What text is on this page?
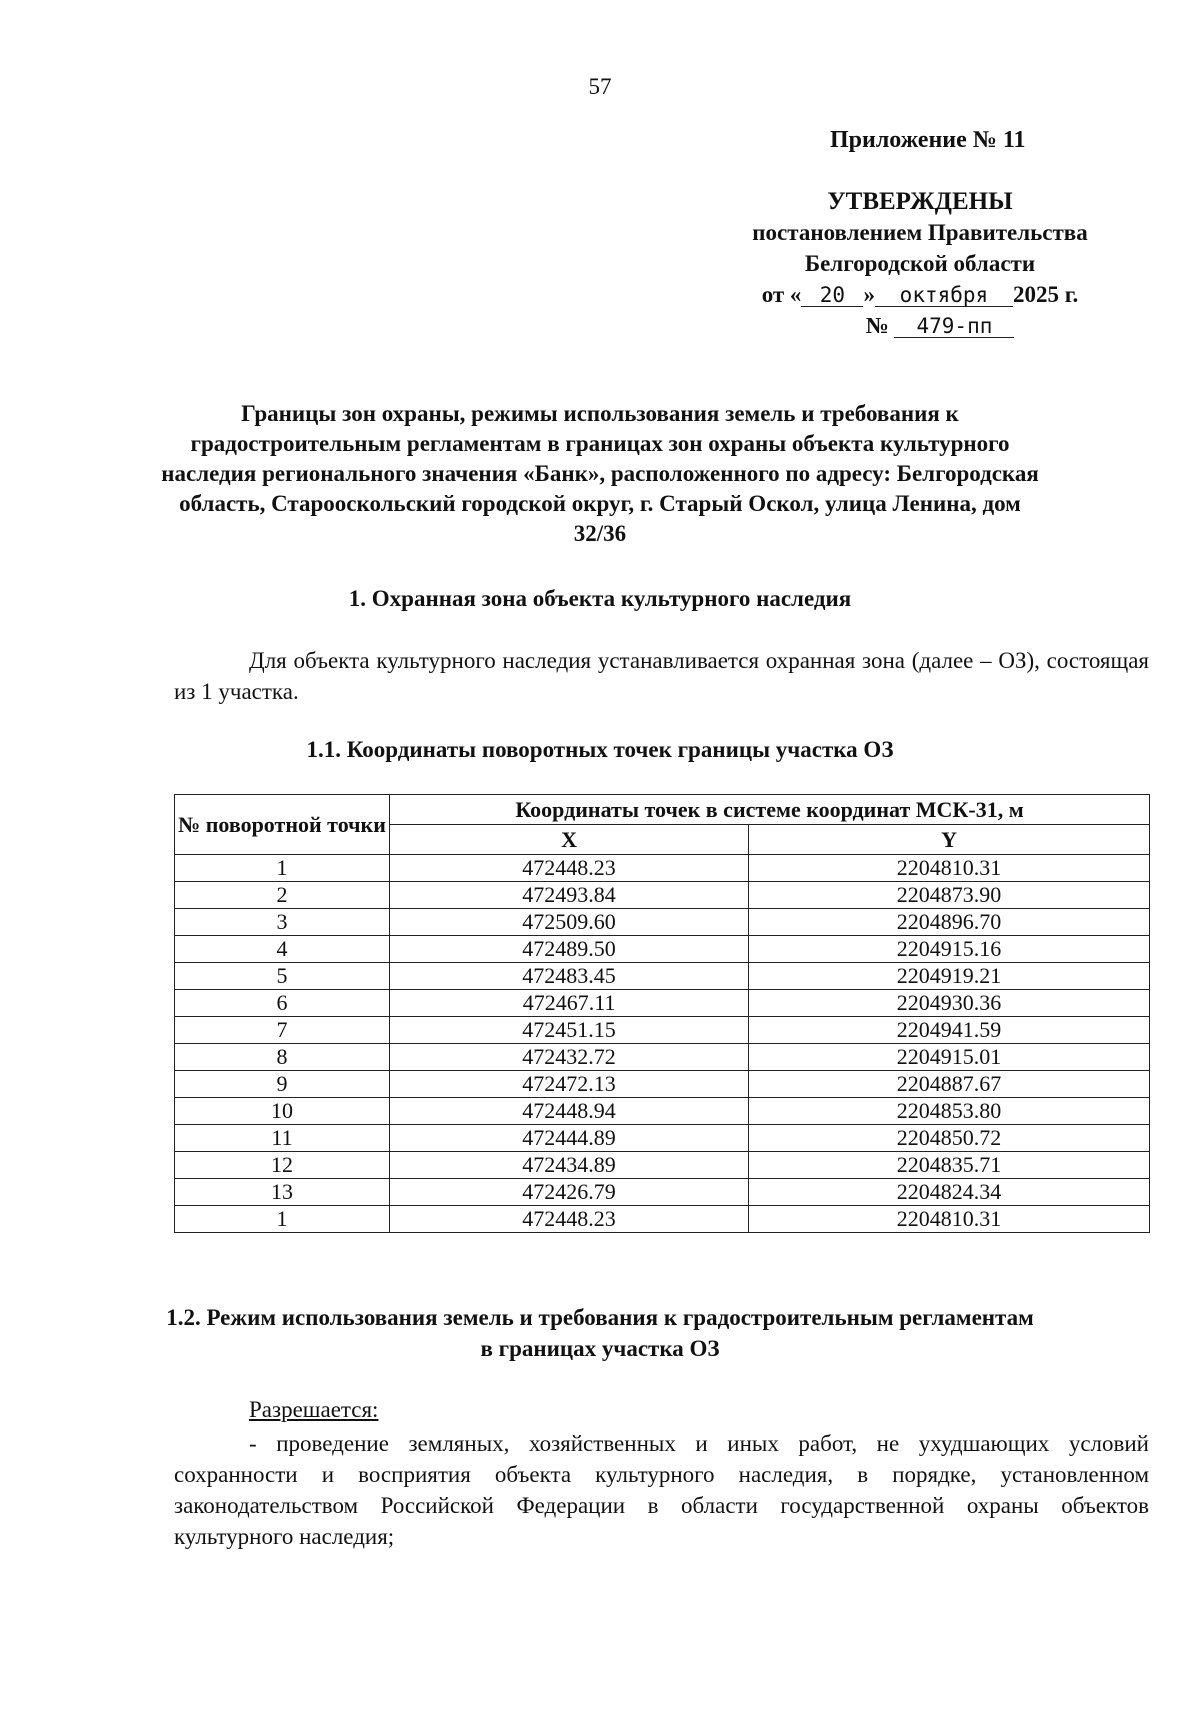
57
Приложение № 11
УТВЕРЖДЕНЫ
постановлением Правительства
Белгородской области
от « 20 » октября 2025 г.
№ 479-пп
Границы зон охраны, режимы использования земель и требования к градостроительным регламентам в границах зон охраны объекта культурного наследия регионального значения «Банк», расположенного по адресу: Белгородская область, Старооскольский городской округ, г. Старый Оскол, улица Ленина, дом 32/36
1. Охранная зона объекта культурного наследия
Для объекта культурного наследия устанавливается охранная зона (далее – ОЗ), состоящая из 1 участка.
1.1. Координаты поворотных точек границы участка ОЗ
№ поворотной точки	Координаты точек в системе координат МСК-31, м	
	X	Y
1	472448.23	2204810.31
2	472493.84	2204873.90
3	472509.60	2204896.70
4	472489.50	2204915.16
5	472483.45	2204919.21
6	472467.11	2204930.36
7	472451.15	2204941.59
8	472432.72	2204915.01
9	472472.13	2204887.67
10	472448.94	2204853.80
11	472444.89	2204850.72
12	472434.89	2204835.71
13	472426.79	2204824.34
1	472448.23	2204810.31
1.2. Режим использования земель и требования к градостроительным регламентам в границах участка ОЗ
Разрешается:
- проведение земляных, хозяйственных и иных работ, не ухудшающих условий сохранности и восприятия объекта культурного наследия, в порядке, установленном законодательством Российской Федерации в области государственной охраны объектов культурного наследия;
